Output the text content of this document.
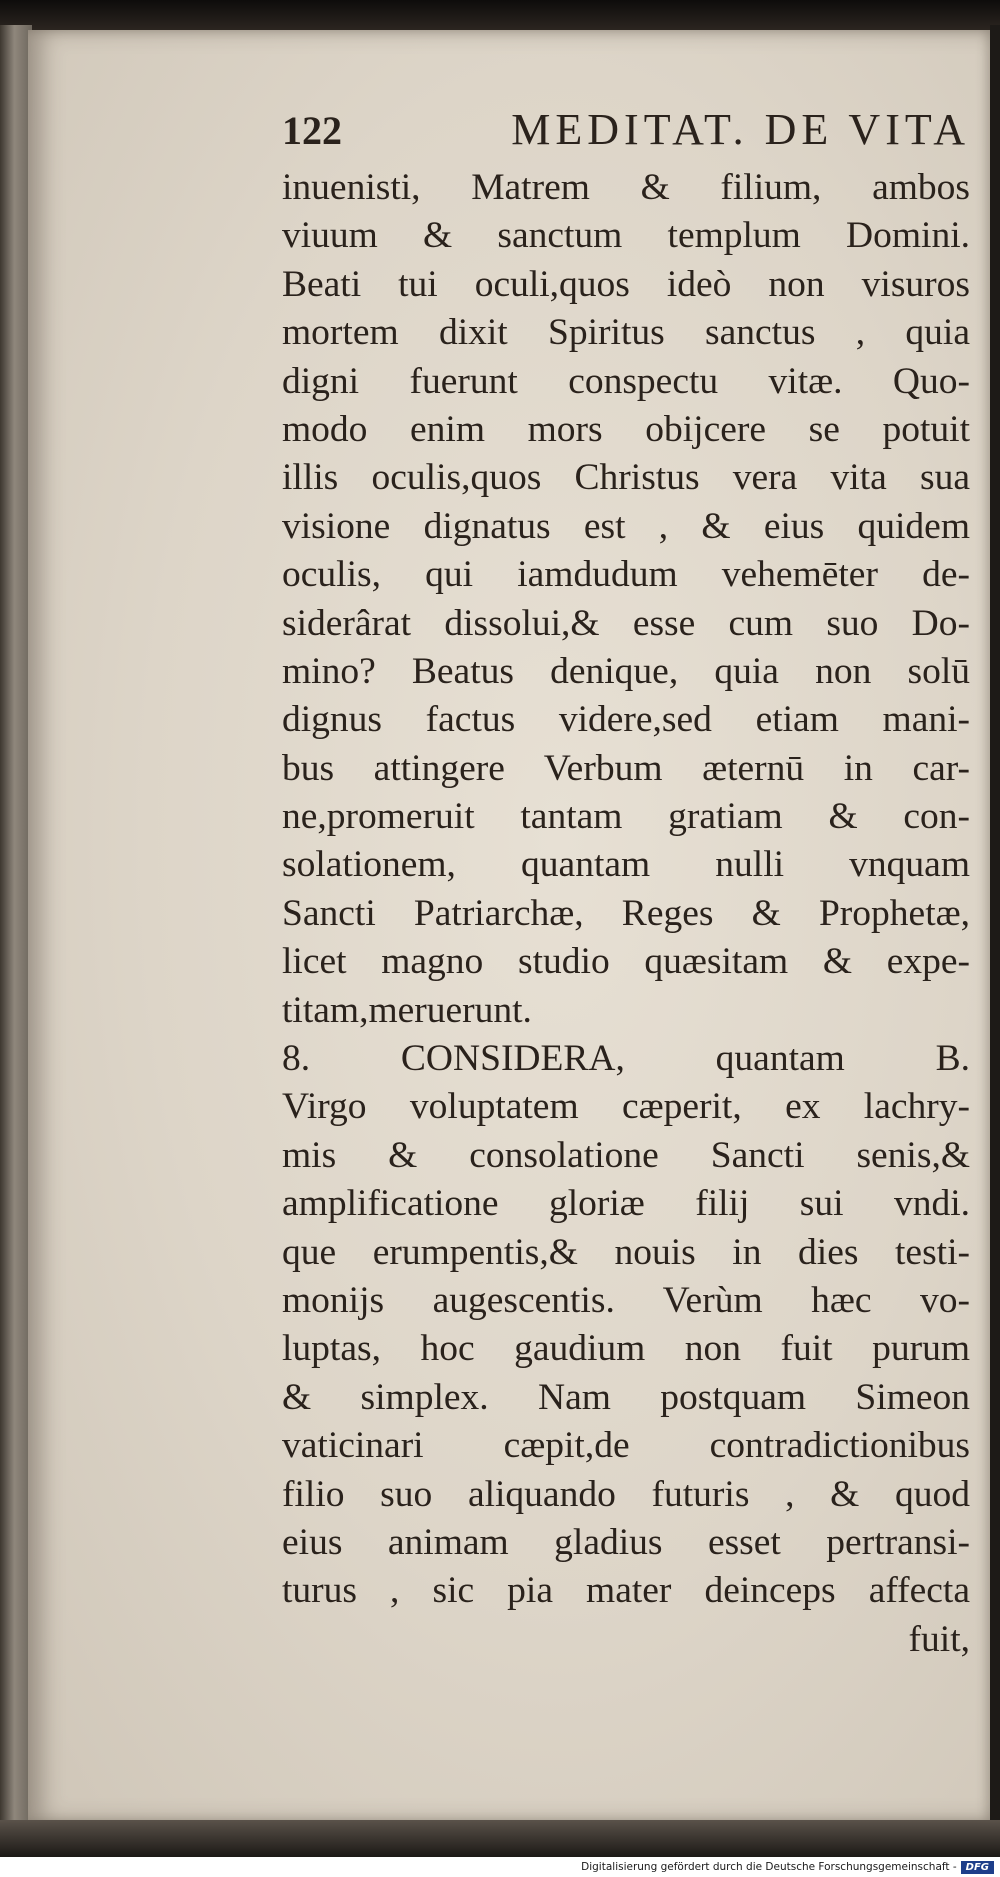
122	MEDITAT. DE VITA
inuenisti, Matrem & filium, ambos
viuum & sanctum templum Domini.
Beati tui oculi,quos ideò non visuros
mortem dixit Spiritus sanctus , quia
digni fuerunt conspectu vitæ. Quo-
modo enim mors obijcere se potuit
illis oculis,quos Christus vera vita sua
visione dignatus est , & eius quidem
oculis, qui iamdudum vehemēter de-
siderârat dissolui,& esse cum suo Do-
mino? Beatus denique, quia non solū
dignus factus videre,sed etiam mani-
bus attingere Verbum æternū in car-
ne,promeruit tantam gratiam & con-
solationem, quantam nulli vnquam
Sancti Patriarchæ, Reges & Prophetæ,
licet magno studio quæsitam & expe-
titam,meruerunt.
8. CONSIDERA, quantam B.
Virgo voluptatem cæperit, ex lachry-
mis & consolatione Sancti senis,&
amplificatione gloriæ filij sui vndi.
que erumpentis,& nouis in dies testi-
monijs augescentis. Verùm hæc vo-
luptas, hoc gaudium non fuit purum
& simplex. Nam postquam Simeon
vaticinari cæpit,de contradictionibus
filio suo aliquando futuris , & quod
eius animam gladius esset pertransi-
turus , sic pia mater deinceps affecta
fuit,
Digitalisierung gefördert durch die Deutsche Forschungsgemeinschaft - DFG
